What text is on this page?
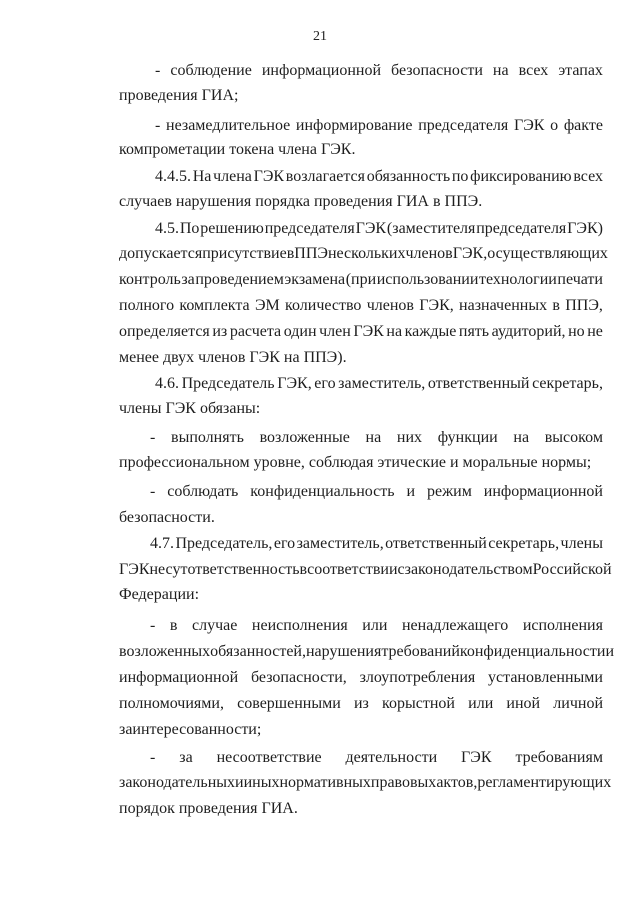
21
- соблюдение информационной безопасности на всех этапах
проведения ГИА;
- незамедлительное информирование председателя ГЭК о факте
компрометации токена члена ГЭК.
4.4.5. На члена ГЭК возлагается обязанность по фиксированию всех
случаев нарушения порядка проведения ГИА в ППЭ.
4.5. По решению председателя ГЭК (заместителя председателя ГЭК)
допускается присутствие в ППЭ нескольких членов ГЭК, осуществляющих
контроль за проведением экзамена (при использовании технологии печати
полного комплекта ЭМ количество членов ГЭК, назначенных в ППЭ,
определяется из расчета один член ГЭК на каждые пять аудиторий, но не
менее двух членов ГЭК на ППЭ).
4.6. Председатель ГЭК, его заместитель, ответственный секретарь,
члены ГЭК обязаны:
- выполнять возложенные на них функции на высоком
профессиональном уровне, соблюдая этические и моральные нормы;
- соблюдать конфиденциальность и режим информационной
безопасности.
4.7. Председатель, его заместитель, ответственный секретарь, члены
ГЭК несут ответственность в соответствии с законодательством Российской
Федерации:
- в случае неисполнения или ненадлежащего исполнения
возложенных обязанностей, нарушения требований конфиденциальности и
информационной безопасности, злоупотребления установленными
полномочиями, совершенными из корыстной или иной личной
заинтересованности;
- за несоответствие деятельности ГЭК требованиям
законодательных и иных нормативных правовых актов, регламентирующих
порядок проведения ГИА.
